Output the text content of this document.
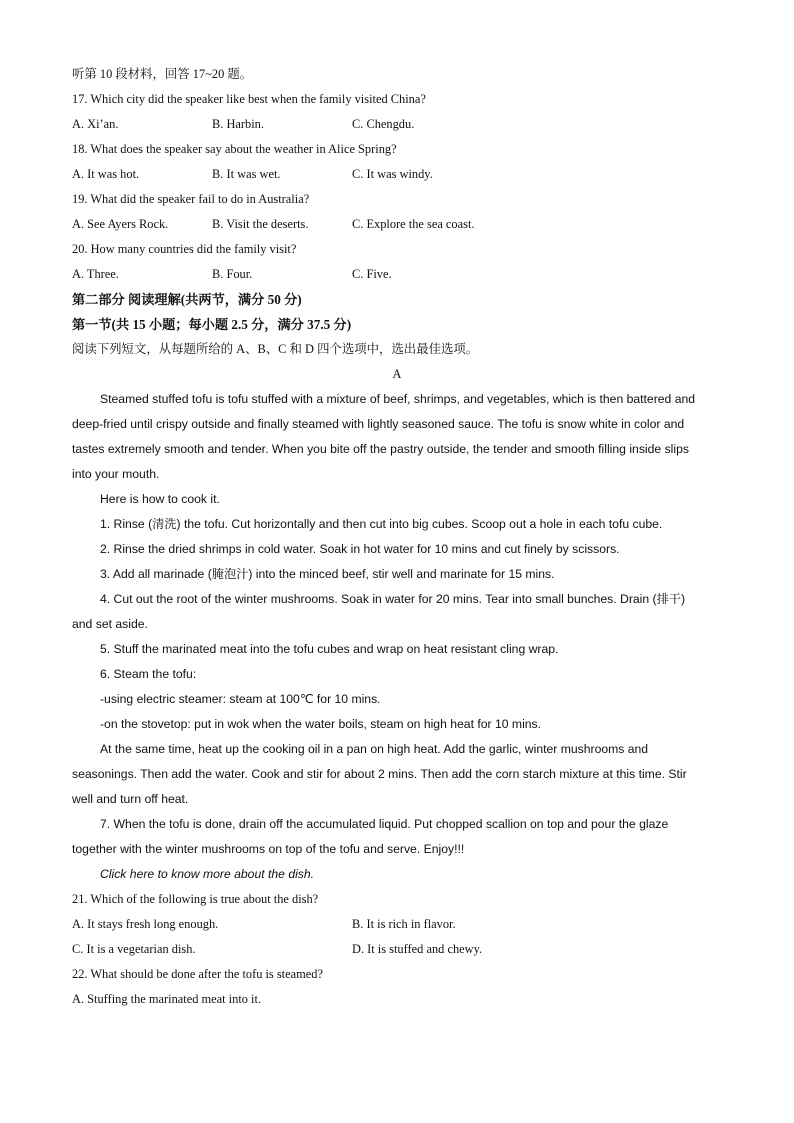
听第 10 段材料，回答 17~20 题。
17. Which city did the speaker like best when the family visited China?
A. Xi’an.	B. Harbin.	C. Chengdu.
18. What does the speaker say about the weather in Alice Spring?
A. It was hot.	B. It was wet.	C. It was windy.
19. What did the speaker fail to do in Australia?
A. See Ayers Rock.	B. Visit the deserts.	C. Explore the sea coast.
20. How many countries did the family visit?
A. Three.	B. Four.	C. Five.
第二部分 阅读理解(共两节，满分 50 分)
第一节(共 15 小题；每小题 2.5 分，满分 37.5 分)
阅读下列短文，从每题所给的 A、B、C 和 D 四个选项中，选出最佳选项。
A
Steamed stuffed tofu is tofu stuffed with a mixture of beef, shrimps, and vegetables, which is then battered and
deep-fried until crispy outside and finally steamed with lightly seasoned sauce. The tofu is snow white in color and
tastes extremely smooth and tender. When you bite off the pastry outside, the tender and smooth filling inside slips
into your mouth.
Here is how to cook it.
1. Rinse (清洗) the tofu. Cut horizontally and then cut into big cubes. Scoop out a hole in each tofu cube.
2. Rinse the dried shrimps in cold water. Soak in hot water for 10 mins and cut finely by scissors.
3. Add all marinade (腌泡汁) into the minced beef, stir well and marinate for 15 mins.
4. Cut out the root of the winter mushrooms. Soak in water for 20 mins. Tear into small bunches. Drain (排干)
and set aside.
5. Stuff the marinated meat into the tofu cubes and wrap on heat resistant cling wrap.
6. Steam the tofu:
-using electric steamer: steam at 100℃ for 10 mins.
-on the stovetop: put in wok when the water boils, steam on high heat for 10 mins.
At the same time, heat up the cooking oil in a pan on high heat. Add the garlic, winter mushrooms and
seasonings. Then add the water. Cook and stir for about 2 mins. Then add the corn starch mixture at this time. Stir
well and turn off heat.
7. When the tofu is done, drain off the accumulated liquid. Put chopped scallion on top and pour the glaze
together with the winter mushrooms on top of the tofu and serve. Enjoy!!!
Click here to know more about the dish.
21. Which of the following is true about the dish?
A. It stays fresh long enough.	B. It is rich in flavor.
C. It is a vegetarian dish.	D. It is stuffed and chewy.
22. What should be done after the tofu is steamed?
A. Stuffing the marinated meat into it.
